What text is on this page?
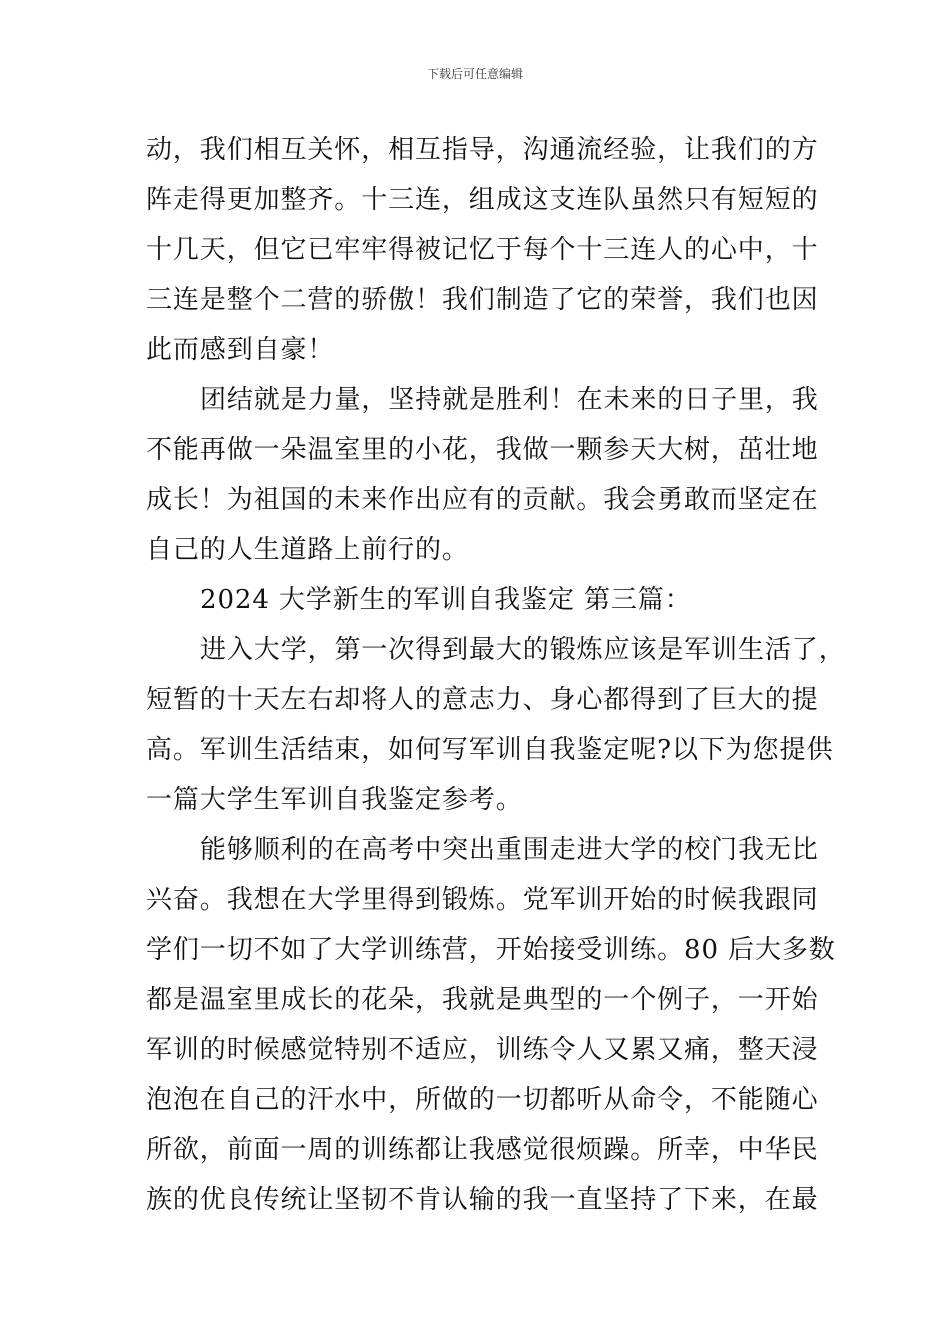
下载后可任意编辑
动，我们相互关怀，相互指导，沟通流经验，让我们的方
阵走得更加整齐。十三连，组成这支连队虽然只有短短的
十几天，但它已牢牢得被记忆于每个十三连人的心中，十
三连是整个二营的骄傲！我们制造了它的荣誉，我们也因
此而感到自豪！
团结就是力量，坚持就是胜利！在未来的日子里，我
不能再做一朵温室里的小花，我做一颗参天大树，茁壮地
成长！为祖国的未来作出应有的贡献。我会勇敢而坚定在
自己的人生道路上前行的。
2024 大学新生的军训自我鉴定 第三篇：
进入大学，第一次得到最大的锻炼应该是军训生活了，
短暂的十天左右却将人的意志力、身心都得到了巨大的提
高。军训生活结束，如何写军训自我鉴定呢?以下为您提供
一篇大学生军训自我鉴定参考。
能够顺利的在高考中突出重围走进大学的校门我无比
兴奋。我想在大学里得到锻炼。党军训开始的时候我跟同
学们一切不如了大学训练营，开始接受训练。80 后大多数
都是温室里成长的花朵，我就是典型的一个例子，一开始
军训的时候感觉特别不适应，训练令人又累又痛，整天浸
泡泡在自己的汗水中，所做的一切都听从命令，不能随心
所欲，前面一周的训练都让我感觉很烦躁。所幸，中华民
族的优良传统让坚韧不肯认输的我一直坚持了下来，在最
